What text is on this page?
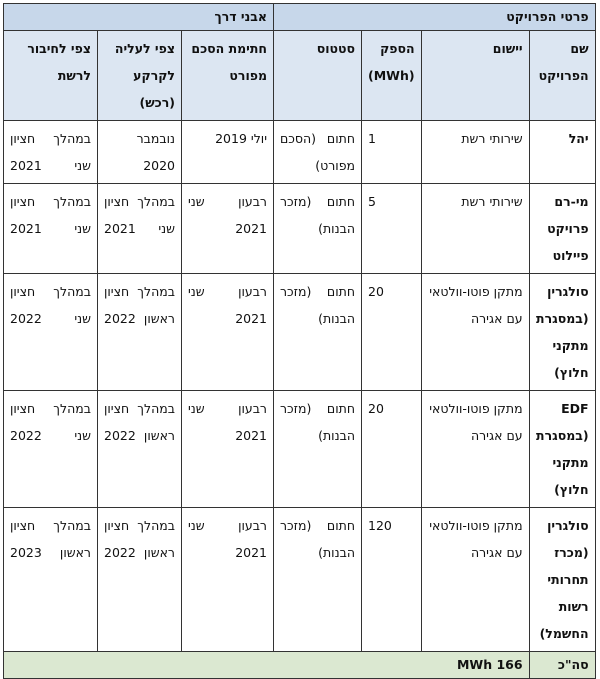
פרטי הפרויקט				אבני דרך		
שם הפרויקט	יישום	הספק (MWh)	סטטוס	חתימת הסכם מפורט	צפי לעליה לקרקע (רכש)	צפי לחיבור לרשת
יהל	שירותי רשת	1	חתום (הסכם מפורט)	יולי 2019	נובמבר 2020	במהלך חציון שני 2021
מי-רם פרויקט פיילוט	שירותי רשת	5	חתום (מזכר הבנות)	רבעון שני 2021	במהלך חציון שני 2021	במהלך חציון שני 2021
סולגרין (במסגרת מתקני חלוץ)	מתקן פוטו-וולטאי עם אגירה	20	חתום (מזכר הבנות)	רבעון שני 2021	במהלך חציון ראשון 2022	במהלך חציון שני 2022
EDF (במסגרת מתקני חלוץ)	מתקן פוטו-וולטאי עם אגירה	20	חתום (מזכר הבנות)	רבעון שני 2021	במהלך חציון ראשון 2022	במהלך חציון שני 2022
סולגרין (מכרז תחרותי רשות החשמל)	מתקן פוטו-וולטאי עם אגירה	120	חתום (מזכר הבנות)	רבעון שני 2021	במהלך חציון ראשון 2022	במהלך חציון ראשון 2023
סה"כ	166 MWh					
